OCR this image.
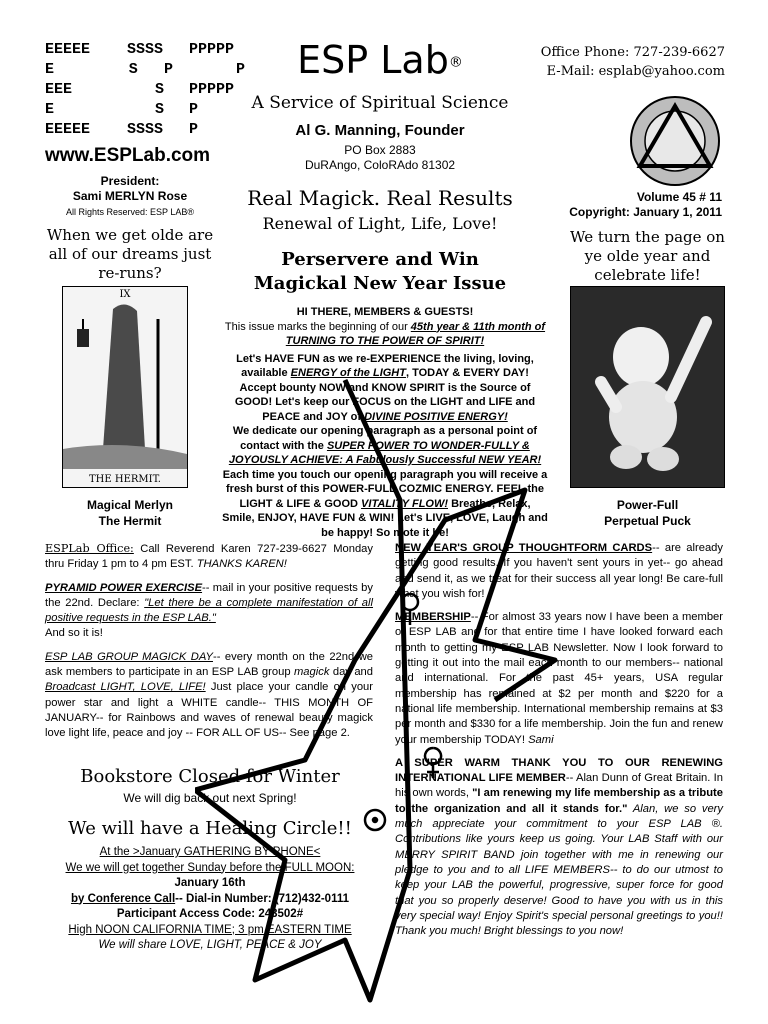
EEEEE	SSSS	PPPPP
E	S	P       P
EEE	S	PPPPP
E	S	P
EEEEE	SSSS	P
www.ESPLab.com
President:
Sami MERLYN Rose
All Rights Reserved: ESP LAB®
When we get olde are all of our dreams just re-runs?
IX
THE HERMIT.
Magical Merlyn
The Hermit
ESP Lab®
A Service of Spiritual Science
Al G. Manning, Founder
PO Box 2883
DuRAngo, ColoRAdo 81302
Real Magick. Real Results
Renewal of Light, Life, Love!
Perservere and Win
Magickal New Year Issue
Office Phone: 727-239-6627
E-Mail: esplab@yahoo.com
Volume 45 # 11
Copyright: January 1, 2011
We turn the page on ye olde year and celebrate life!
Power-Full
Perpetual Puck

HI THERE, MEMBERS & GUESTS!

This issue marks the beginning of our 45th year & 11th month of TURNING TO THE POWER OF SPIRIT!

Let's HAVE FUN as we re-EXPERIENCE the living, loving, available ENERGY of the LIGHT, TODAY & EVERY DAY! Accept bounty NOW and KNOW SPIRIT is the Source of GOOD! Let's keep our FOCUS on the LIGHT and LIFE and PEACE and JOY of DIVINE POSITIVE ENERGY!

We dedicate our opening paragraph as a personal point of contact with the SUPER POWER TO WONDER-FULLY & JOYOUSLY ACHIEVE: A Fabulously Successful NEW YEAR! Each time you touch our opening paragraph you will receive a fresh burst of this POWER-FULL COZMIC ENERGY. FEEL the LIGHT & LIFE & GOOD VITALITY FLOW! Breathe, Relax, Smile, ENJOY, HAVE FUN & WIN! Let's LIVE, LOVE, Laugh and be happy! So mote it be!

ESPLab Office: Call Reverend Karen 727-239-6627 Monday thru Friday 1 pm to 4 pm EST. THANKS KAREN!

PYRAMID POWER EXERCISE-- mail in your positive requests by the 22nd. Declare: "Let there be a complete manifestation of all positive requests in the ESP LAB."

And so it is!

ESP LAB GROUP MAGICK DAY-- every month on the 22nd we ask members to participate in an ESP LAB group magick day and Broadcast LIGHT, LOVE, LIFE! Just place your candle on your power star and light a WHITE candle-- THIS MONTH OF JANUARY-- for Rainbows and waves of renewal beauty magick love light life, peace and joy -- FOR ALL OF US-- See page 2.

Bookstore Closed for Winter
We will dig back out next Spring!
We will have a Healing Circle!!
At the >January GATHERING BY PHONE<
We we will get together Sunday before the FULL MOON:
January 16th
by Conference Call-- Dial-in Number: (712)432-0111
Participant Access Code: 243502#
High NOON CALIFORNIA TIME; 3 pm EASTERN TIME
We will share LOVE, LIGHT, PEACE & JOY

NEW YEAR'S GROUP THOUGHTFORM CARDS-- are already getting good results. If you haven't sent yours in yet-- go ahead and send it, as we treat for their success all year long! Be care-full what you wish for!

MEMBERSHIP-- For almost 33 years now I have been a member of ESP LAB and for that entire time I have looked forward each month to getting my ESP LAB Newsletter. Now I look forward to getting it out into the mail each month to our members-- national and international. For the past 45+ years, USA regular membership has remained at $2 per month and $220 for a national life membership. International membership remains at $3 per month and $330 for a life membership. Join the fun and renew your membership TODAY! Sami

A SUPER WARM THANK YOU TO OUR RENEWING INTERNATIONAL LIFE MEMBER-- Alan Dunn of Great Britain. In his own words, "I am renewing my life membership as a tribute to the organization and all it stands for." Alan, we so very much appreciate your commitment to your ESP LAB ®. Contributions like yours keep us going. Your LAB Staff with our MERRY SPIRIT BAND join together with me in renewing our pledge to you and to all LIFE MEMBERS-- to do our utmost to keep your LAB the powerful, progressive, super force for good that you so properly deserve! Good to have you with us in this very special way! Enjoy Spirit's special personal greetings to you!! Thank you much! Bright blessings to you now!
